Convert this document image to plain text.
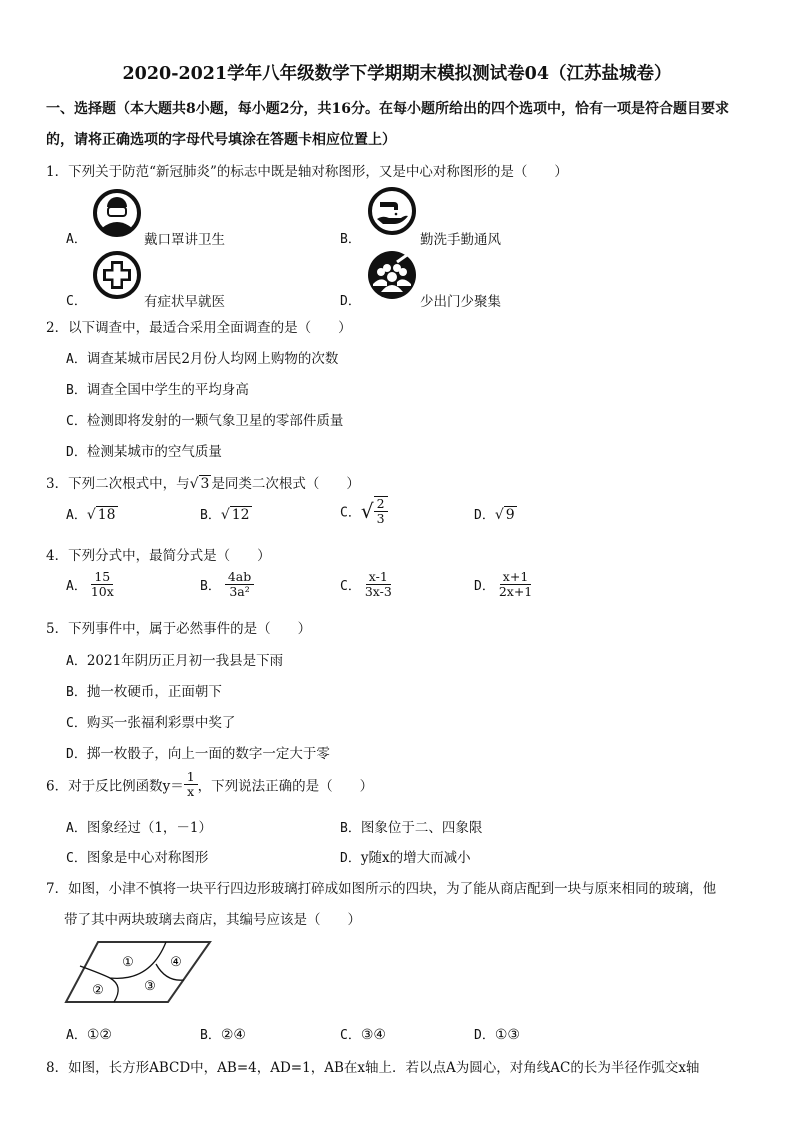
2020-2021学年八年级数学下学期期末模拟测试卷04（江苏盐城卷）
一、选择题（本大题共8小题，每小题2分，共16分。在每小题所给出的四个选项中，恰有一项是符合题目要求
的，请将正确选项的字母代号填涂在答题卡相应位置上）
1．下列关于防范“新冠肺炎”的标志中既是轴对称图形，又是中心对称图形的是（　　）
A．	戴口罩讲卫生	B．	勤洗手勤通风
C．	有症状早就医	D．	少出门少聚集
2．以下调查中，最适合采用全面调查的是（　　）
A．调查某城市居民2月份人均网上购物的次数
B．调查全国中学生的平均身高
C．检测即将发射的一颗气象卫星的零部件质量
D．检测某城市的空气质量
3．下列二次根式中，与√ 3 是同类二次根式（　　）
A．√ 18	B．√ 12	C．√ $\frac{2}{3}$	D．√ 9
4．下列分式中，最简分式是（　　）
A． $\frac{15}{10x}$	B． $\frac{4ab}{\text{3a²}}$	C． $\frac{x-1}{3x-3}$	D． $\frac{x+1}{2x+1}$
5．下列事件中，属于必然事件的是（　　）
A．2021年阴历正月初一我县是下雨
B．抛一枚硬币，正面朝下
C．购买一张福利彩票中奖了
D．掷一枚骰子，向上一面的数字一定大于零
6．对于反比例函数$y= \frac{1}{x}$ ，下列说法正确的是（　　）
A．图象经过（1，－1）	B．图象位于二、四象限
C．图象是中心对称图形	D．y随x的增大而减小
7．如图，小津不慎将一块平行四边形玻璃打碎成如图所示的四块，为了能从商店配到一块与原来相同的玻璃，他
带了其中两块玻璃去商店，其编号应该是（　　）
①
②	③
④
A．①②	B．②④	C．③④	D．①③
8．如图，长方形ABCD中，AB=4，AD=1，AB在x轴上．若以点A为圆心，对角线AC的长为半径作弧交x轴
